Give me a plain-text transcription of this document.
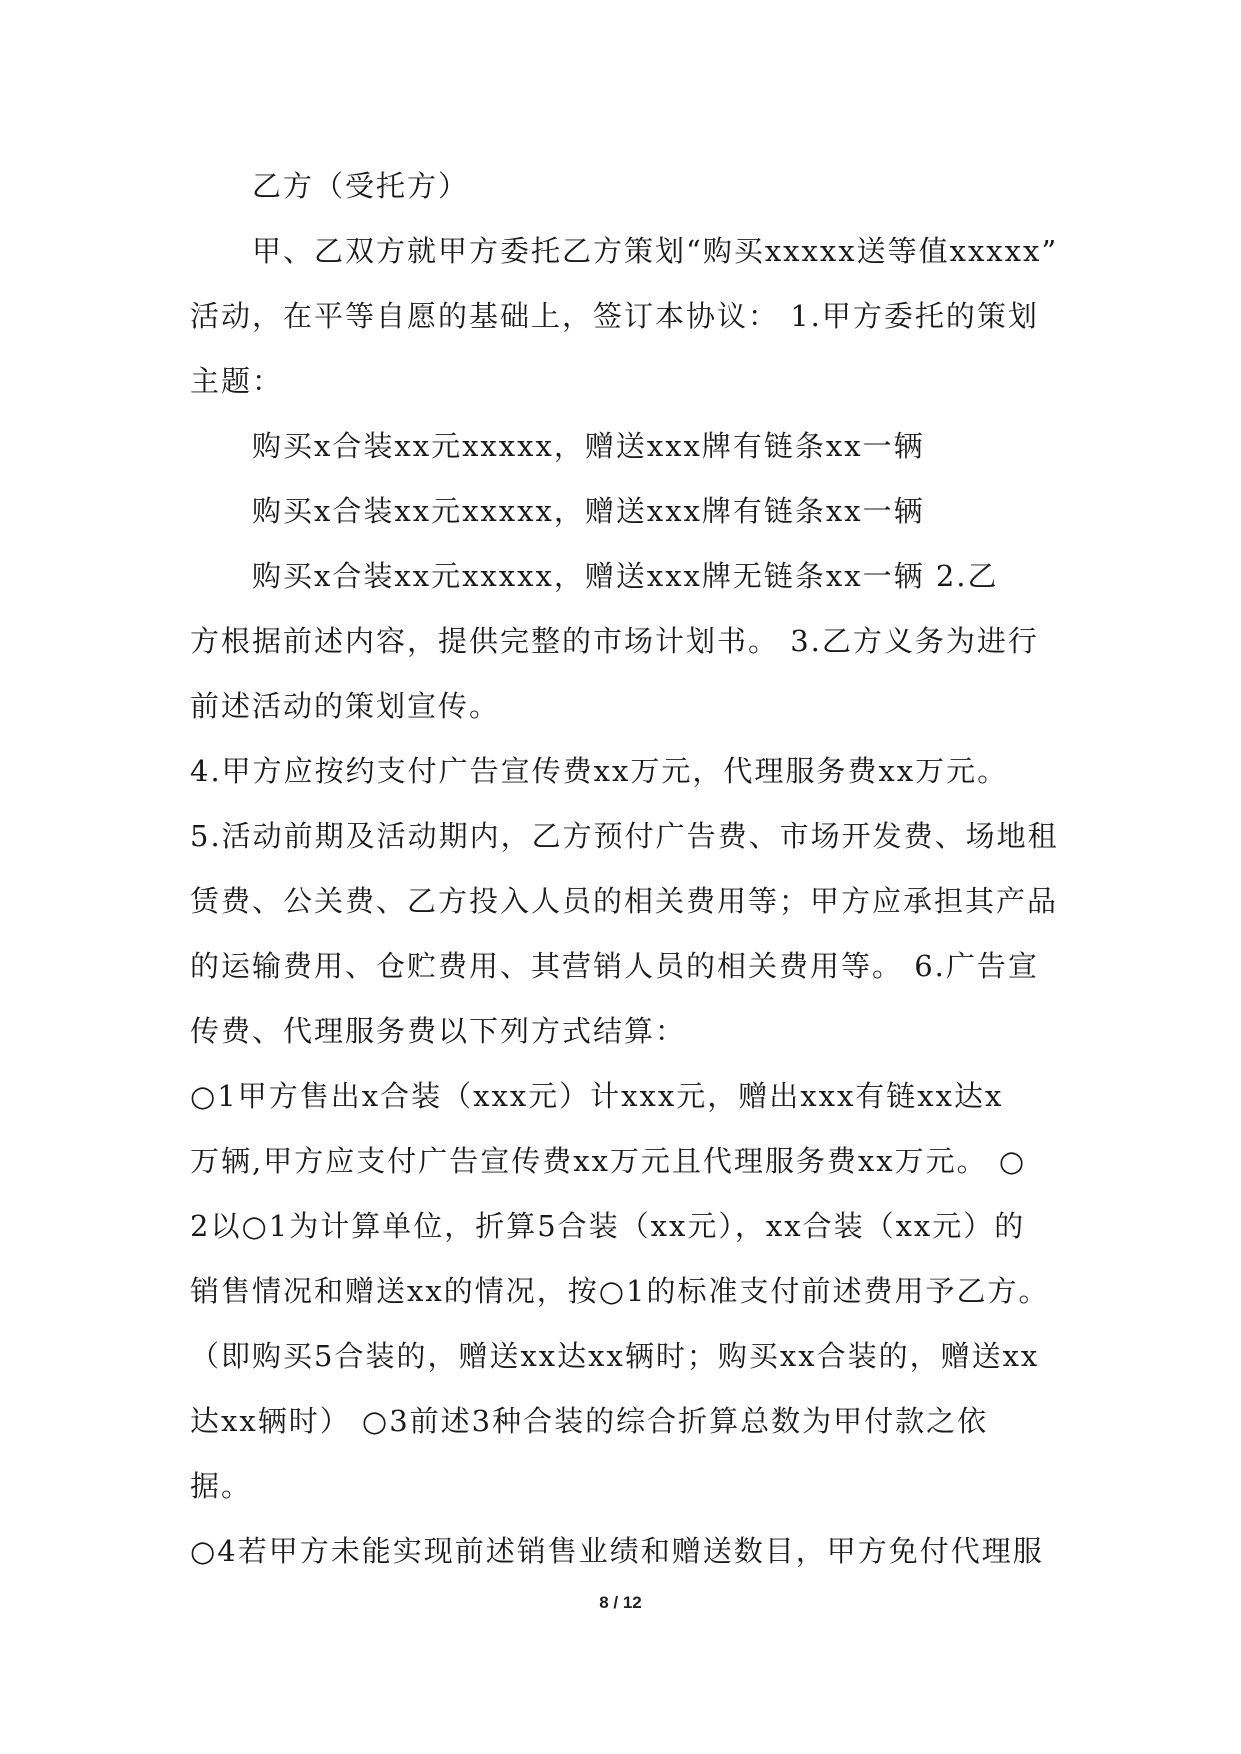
　　乙方（受托方）
　　甲、乙双方就甲方委托乙方策划“购买xxxxx送等值xxxxx”
活动，在平等自愿的基础上，签订本协议： 1.甲方委托的策划
主题：
　　购买x合装xx元xxxxx，赠送xxx牌有链条xx一辆
　　购买x合装xx元xxxxx，赠送xxx牌有链条xx一辆
　　购买x合装xx元xxxxx，赠送xxx牌无链条xx一辆 2.乙
方根据前述内容，提供完整的市场计划书。 3.乙方义务为进行
前述活动的策划宣传。
4.甲方应按约支付广告宣传费xx万元，代理服务费xx万元。
5.活动前期及活动期内，乙方预付广告费、市场开发费、场地租
赁费、公关费、乙方投入人员的相关费用等；甲方应承担其产品
的运输费用、仓贮费用、其营销人员的相关费用等。 6.广告宣
传费、代理服务费以下列方式结算：
○1甲方售出x合装（xxx元）计xxx元，赠出xxx有链xx达x
万辆,甲方应支付广告宣传费xx万元且代理服务费xx万元。 ○
2以○1为计算单位，折算5合装（xx元），xx合装（xx元）的
销售情况和赠送xx的情况，按○1的标准支付前述费用予乙方。
（即购买5合装的，赠送xx达xx辆时；购买xx合装的，赠送xx
达xx辆时） ○3前述3种合装的综合折算总数为甲付款之依
据。
○4若甲方未能实现前述销售业绩和赠送数目，甲方免付代理服
8 / 12
